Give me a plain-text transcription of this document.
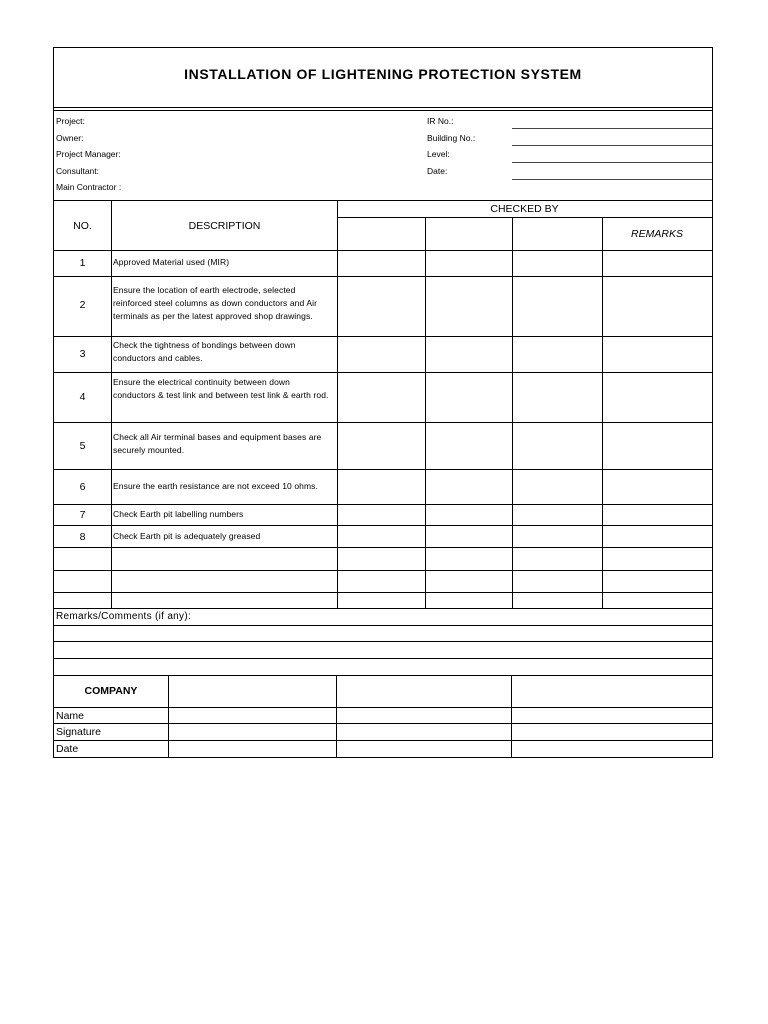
INSTALLATION OF LIGHTENING PROTECTION SYSTEM
Project:
Owner:
Project Manager:
Consultant:
Main Contractor :
IR No.:
Building No.:
Level:
Date:
NO.	DESCRIPTION
CHECKED BY
REMARKS
1
2
3
4
5
6
7
8
Approved Material used (MIR)
Ensure the location of earth electrode, selected reinforced steel columns as down conductors and Air terminals as per the latest approved shop drawings.
Check the tightness of bondings between down conductors and cables.
Ensure the electrical continuity between down conductors & test link and between test link & earth rod.
Check all Air terminal bases and equipment bases are securely mounted.
Ensure the earth resistance are not exceed 10 ohms.
Check Earth pit labelling numbers
Check Earth pit is adequately greased
Remarks/Comments (if any):
COMPANY
Name
Signature
Date
